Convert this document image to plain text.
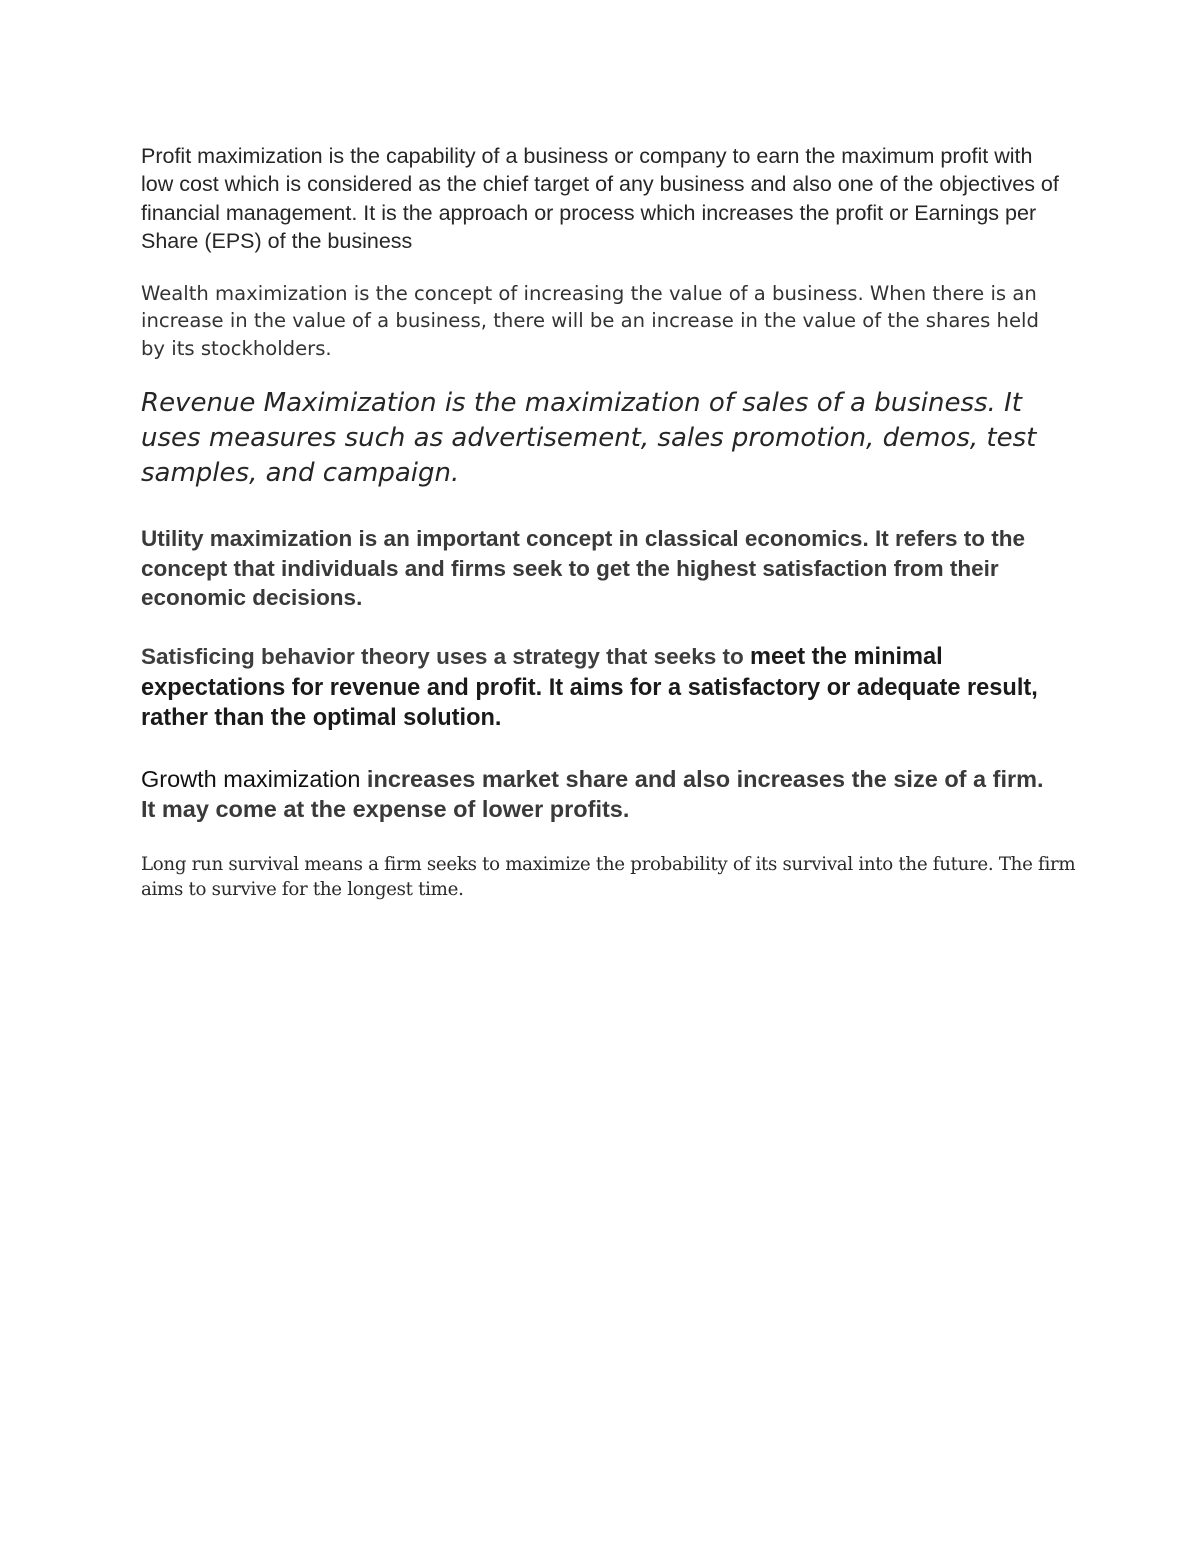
Profit maximization is the capability of a business or company to earn the maximum profit with low cost which is considered as the chief target of any business and also one of the objectives of financial management. It is the approach or process which increases the profit or Earnings per Share (EPS) of the business

Wealth maximization is the concept of increasing the value of a business. When there is an increase in the value of a business, there will be an increase in the value of the shares held by its stockholders.

Revenue Maximization is the maximization of sales of a business. It uses measures such as advertisement, sales promotion, demos, test samples, and campaign.

Utility maximization is an important concept in classical economics. It refers to the concept that individuals and firms seek to get the highest satisfaction from their economic decisions.

Satisficing behavior theory uses a strategy that seeks to meet the minimal expectations for revenue and profit. It aims for a satisfactory or adequate result, rather than the optimal solution.

Growth maximization increases market share and also increases the size of a firm. It may come at the expense of lower profits.

Long run survival means a firm seeks to maximize the probability of its survival into the future. The firm aims to survive for the longest time.
